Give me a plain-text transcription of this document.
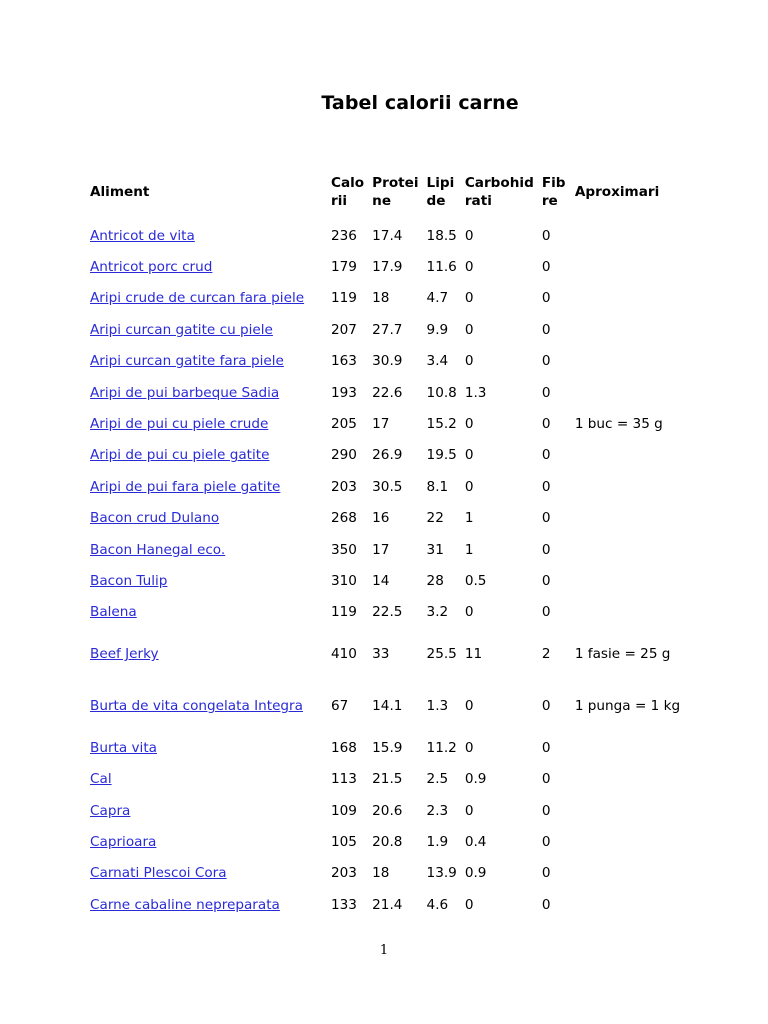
Tabel calorii carne
Aliment	Calo rii	Protei ne	Lipi de	Carbohid rati	Fib re	Aproximari
Antricot de vita	236	17.4	18.5	0	0	
Antricot porc crud	179	17.9	11.6	0	0	
Aripi crude de curcan fara piele	119	18	4.7	0	0	
Aripi curcan gatite cu piele	207	27.7	9.9	0	0	
Aripi curcan gatite fara piele	163	30.9	3.4	0	0	
Aripi de pui barbeque Sadia	193	22.6	10.8	1.3	0	
Aripi de pui cu piele crude	205	17	15.2	0	0	1 buc = 35 g
Aripi de pui cu piele gatite	290	26.9	19.5	0	0	
Aripi de pui fara piele gatite	203	30.5	8.1	0	0	
Bacon crud Dulano	268	16	22	1	0	
Bacon Hanegal eco.	350	17	31	1	0	
Bacon Tulip	310	14	28	0.5	0	
Balena	119	22.5	3.2	0	0	
Beef Jerky	410	33	25.5	11	2	1 fasie = 25 g
Burta de vita congelata Integra	67	14.1	1.3	0	0	1 punga = 1 kg
Burta vita	168	15.9	11.2	0	0	
Cal	113	21.5	2.5	0.9	0	
Capra	109	20.6	2.3	0	0	
Caprioara	105	20.8	1.9	0.4	0	
Carnati Plescoi Cora	203	18	13.9	0.9	0	
Carne cabaline nepreparata	133	21.4	4.6	0	0	
1
